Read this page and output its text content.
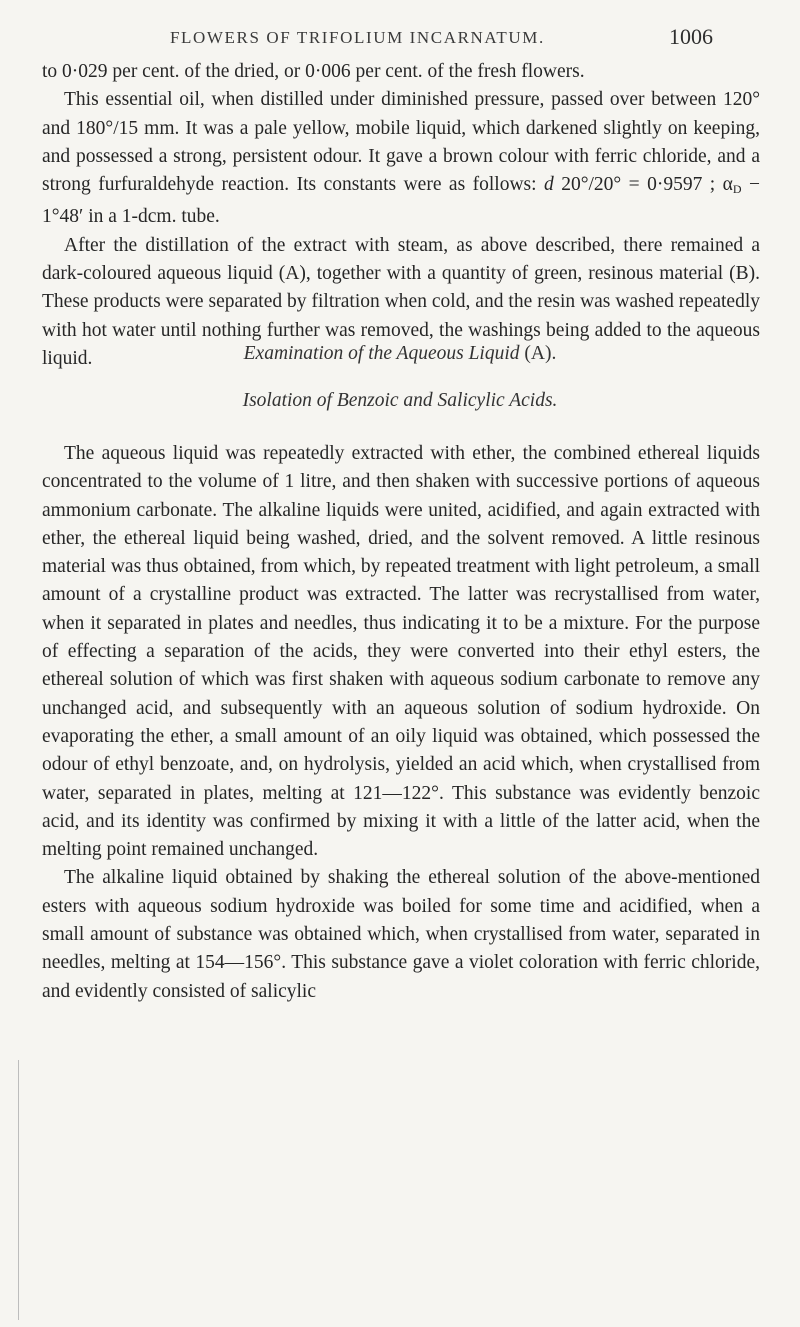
FLOWERS OF TRIFOLIUM INCARNATUM.	1006

to 0·029 per cent. of the dried, or 0·006 per cent. of the fresh flowers.

This essential oil, when distilled under diminished pressure, passed over between 120° and 180°/15 mm. It was a pale yellow, mobile liquid, which darkened slightly on keeping, and possessed a strong, persistent odour. It gave a brown colour with ferric chloride, and a strong furfuraldehyde reaction. Its constants were as follows: d 20°/20° = 0·9597 ; $\alpha_D - 1^\circ 48'$ in a 1-dcm. tube.

After the distillation of the extract with steam, as above described, there remained a dark-coloured aqueous liquid (A), together with a quantity of green, resinous material (B). These products were separated by filtration when cold, and the resin was washed repeatedly with hot water until nothing further was removed, the washings being added to the aqueous liquid.	Examination of the Aqueous Liquid (A).
Isolation of Benzoic and Salicylic Acids.

The aqueous liquid was repeatedly extracted with ether, the combined ethereal liquids concentrated to the volume of 1 litre, and then shaken with successive portions of aqueous ammonium carbonate. The alkaline liquids were united, acidified, and again extracted with ether, the ethereal liquid being washed, dried, and the solvent removed. A little resinous material was thus obtained, from which, by repeated treatment with light petroleum, a small amount of a crystalline product was extracted. The latter was recrystallised from water, when it separated in plates and needles, thus indicating it to be a mixture. For the purpose of effecting a separation of the acids, they were converted into their ethyl esters, the ethereal solution of which was first shaken with aqueous sodium carbonate to remove any unchanged acid, and subsequently with an aqueous solution of sodium hydroxide. On evaporating the ether, a small amount of an oily liquid was obtained, which possessed the odour of ethyl benzoate, and, on hydrolysis, yielded an acid which, when crystallised from water, separated in plates, melting at 121—122°. This substance was evidently benzoic acid, and its identity was confirmed by mixing it with a little of the latter acid, when the melting point remained unchanged.

The alkaline liquid obtained by shaking the ethereal solution of the above-mentioned esters with aqueous sodium hydroxide was boiled for some time and acidified, when a small amount of substance was obtained which, when crystallised from water, separated in needles, melting at 154—156°. This substance gave a violet coloration with ferric chloride, and evidently consisted of salicylic
